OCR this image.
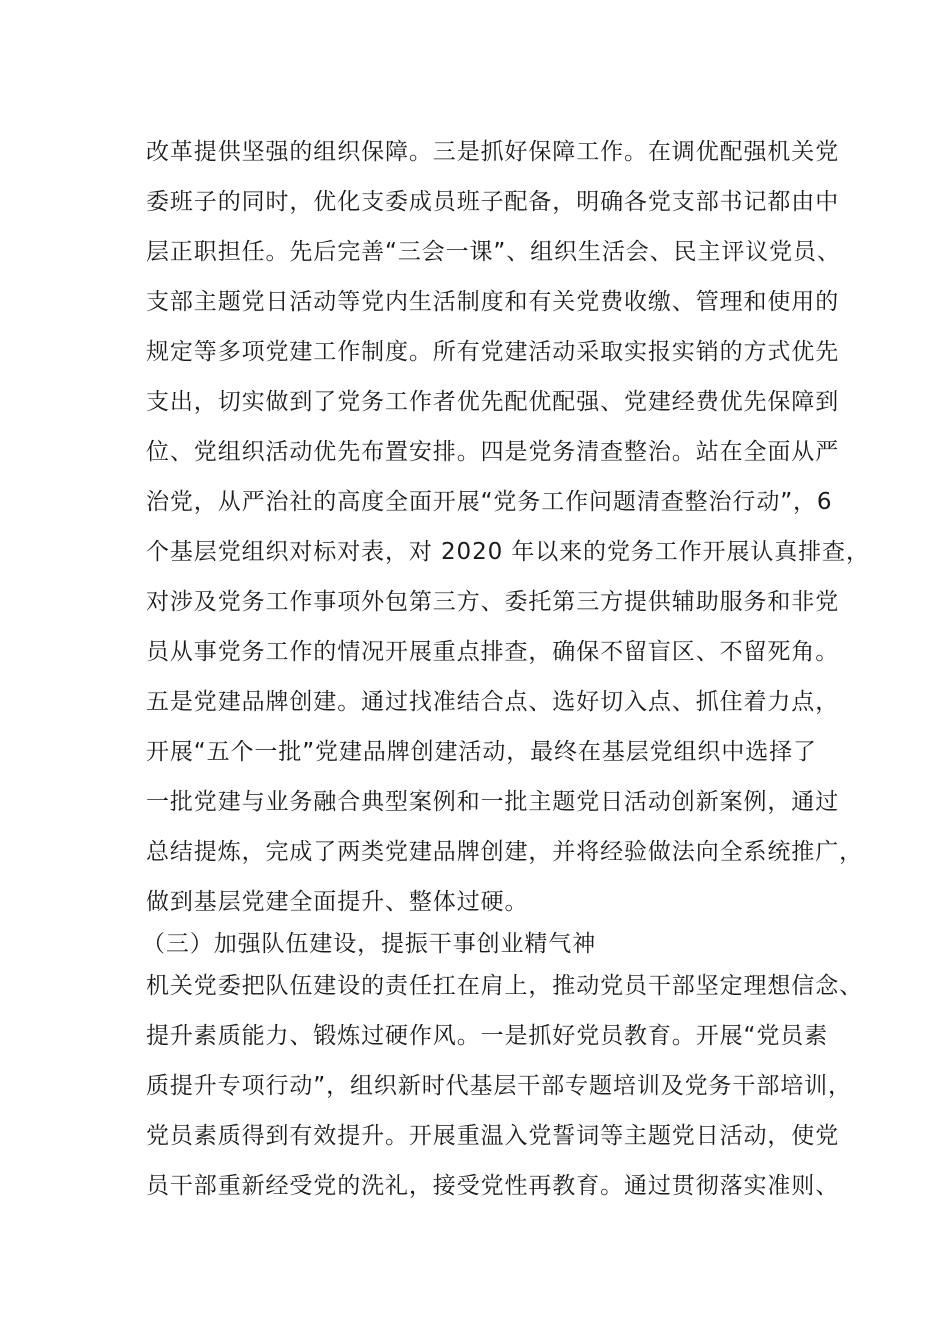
改革提供坚强的组织保障。三是抓好保障工作。在调优配强机关党
委班子的同时，优化支委成员班子配备，明确各党支部书记都由中
层正职担任。先后完善“三会一课”、组织生活会、民主评议党员、
支部主题党日活动等党内生活制度和有关党费收缴、管理和使用的
规定等多项党建工作制度。所有党建活动采取实报实销的方式优先
支出，切实做到了党务工作者优先配优配强、党建经费优先保障到
位、党组织活动优先布置安排。四是党务清查整治。站在全面从严
治党，从严治社的高度全面开展“党务工作问题清查整治行动”，6
个基层党组织对标对表，对 2020 年以来的党务工作开展认真排查，
对涉及党务工作事项外包第三方、委托第三方提供辅助服务和非党
员从事党务工作的情况开展重点排查，确保不留盲区、不留死角。
五是党建品牌创建。通过找准结合点、选好切入点、抓住着力点，
开展“五个一批”党建品牌创建活动，最终在基层党组织中选择了
一批党建与业务融合典型案例和一批主题党日活动创新案例，通过
总结提炼，完成了两类党建品牌创建，并将经验做法向全系统推广，
做到基层党建全面提升、整体过硬。
（三）加强队伍建设，提振干事创业精气神
机关党委把队伍建设的责任扛在肩上，推动党员干部坚定理想信念、
提升素质能力、锻炼过硬作风。一是抓好党员教育。开展“党员素
质提升专项行动”，组织新时代基层干部专题培训及党务干部培训，
党员素质得到有效提升。开展重温入党誓词等主题党日活动，使党
员干部重新经受党的洗礼，接受党性再教育。通过贯彻落实准则、
